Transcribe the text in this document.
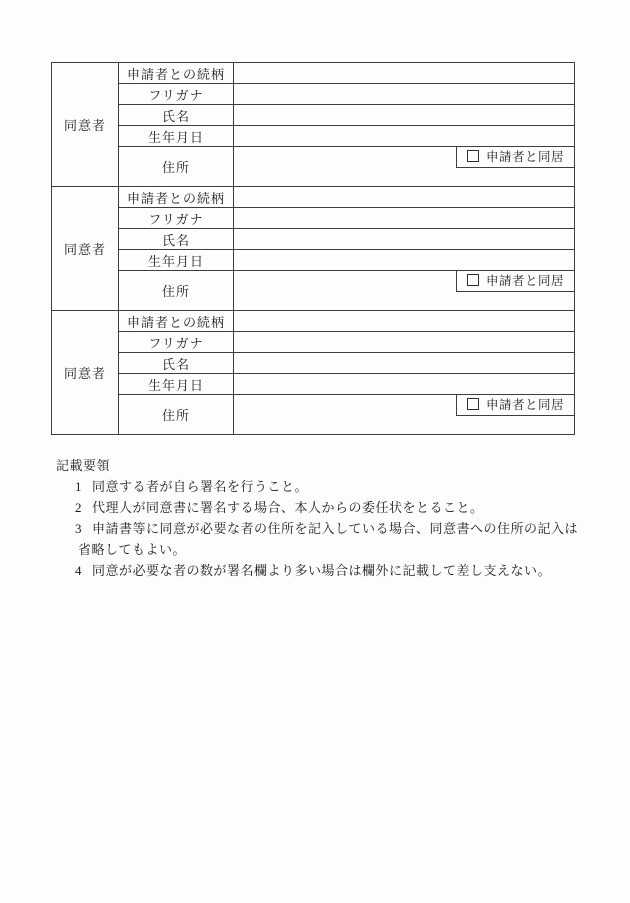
同意者	申請者との続柄	
	フリガナ	
	氏名	
	生年月日	
	住所	申請者と同居

同意者	申請者との続柄	
	フリガナ	
	氏名	
	生年月日	
	住所	申請者と同居

同意者	申請者との続柄	
	フリガナ	
	氏名	
	生年月日	
	住所	申請者と同居
記載要領
1 同意する者が自ら署名を行うこと。
2 代理人が同意書に署名する場合、本人からの委任状をとること。
3 申請書等に同意が必要な者の住所を記入している場合、同意書への住所の記入は省略してもよい。
4 同意が必要な者の数が署名欄より多い場合は欄外に記載して差し支えない。
